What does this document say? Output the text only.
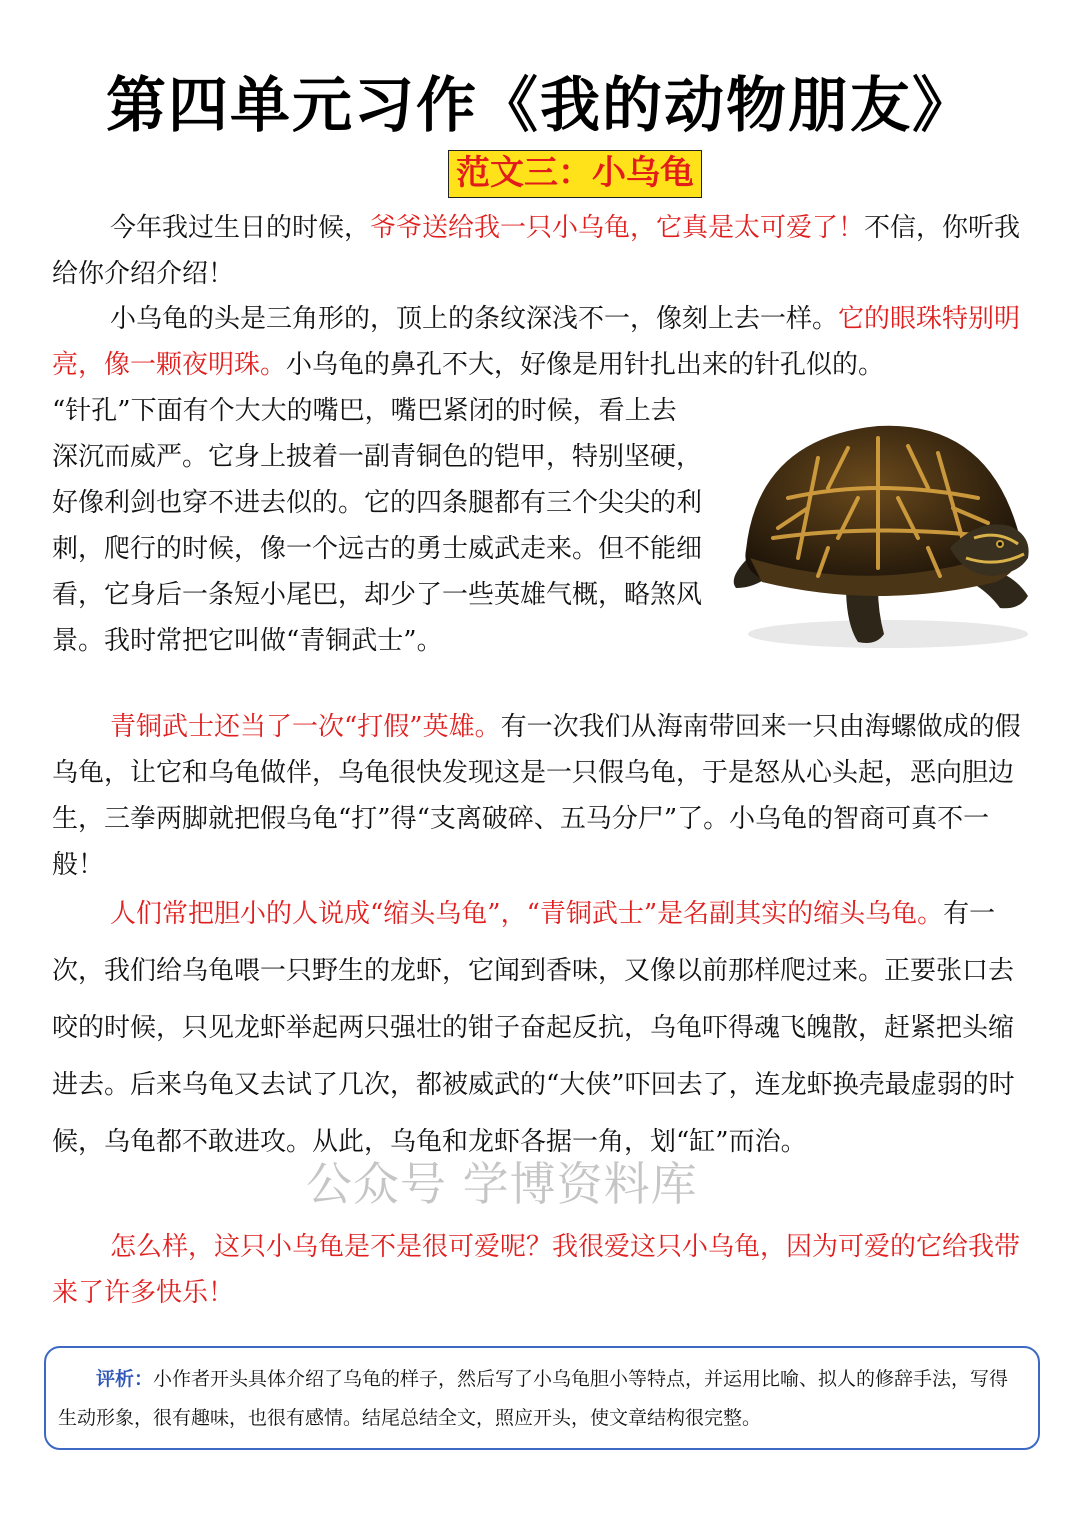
第四单元习作《我的动物朋友》
范文三：小乌龟

今年我过生日的时候，爷爷送给我一只小乌龟，它真是太可爱了！不信，你听我给你介绍介绍！

小乌龟的头是三角形的，顶上的条纹深浅不一，像刻上去一样。它的眼珠特别明亮，像一颗夜明珠。小乌龟的鼻孔不大，好像是用针扎出来的针孔似的。

“针孔”下面有个大大的嘴巴，嘴巴紧闭的时候，看上去深沉而威严。它身上披着一副青铜色的铠甲，特别坚硬，好像利剑也穿不进去似的。它的四条腿都有三个尖尖的利刺，爬行的时候，像一个远古的勇士威武走来。但不能细看，它身后一条短小尾巴，却少了一些英雄气概，略煞风景。我时常把它叫做“青铜武士”。

青铜武士还当了一次“打假”英雄。有一次我们从海南带回来一只由海螺做成的假乌龟，让它和乌龟做伴，乌龟很快发现这是一只假乌龟，于是怒从心头起，恶向胆边生，三拳两脚就把假乌龟“打”得“支离破碎、五马分尸”了。小乌龟的智商可真不一般！

人们常把胆小的人说成“缩头乌龟”，“青铜武士”是名副其实的缩头乌龟。有一次，我们给乌龟喂一只野生的龙虾，它闻到香味，又像以前那样爬过来。正要张口去咬的时候，只见龙虾举起两只强壮的钳子奋起反抗，乌龟吓得魂飞魄散，赶紧把头缩进去。后来乌龟又去试了几次，都被威武的“大侠”吓回去了，连龙虾换壳最虚弱的时候，乌龟都不敢进攻。从此，乌龟和龙虾各据一角，划“缸”而治。

公众号 学博资料库

怎么样，这只小乌龟是不是很可爱呢？我很爱这只小乌龟，因为可爱的它给我带来了许多快乐！

评析：小作者开头具体介绍了乌龟的样子，然后写了小乌龟胆小等特点，并运用比喻、拟人的修辞手法，写得生动形象，很有趣味，也很有感情。结尾总结全文，照应开头，使文章结构很完整。
